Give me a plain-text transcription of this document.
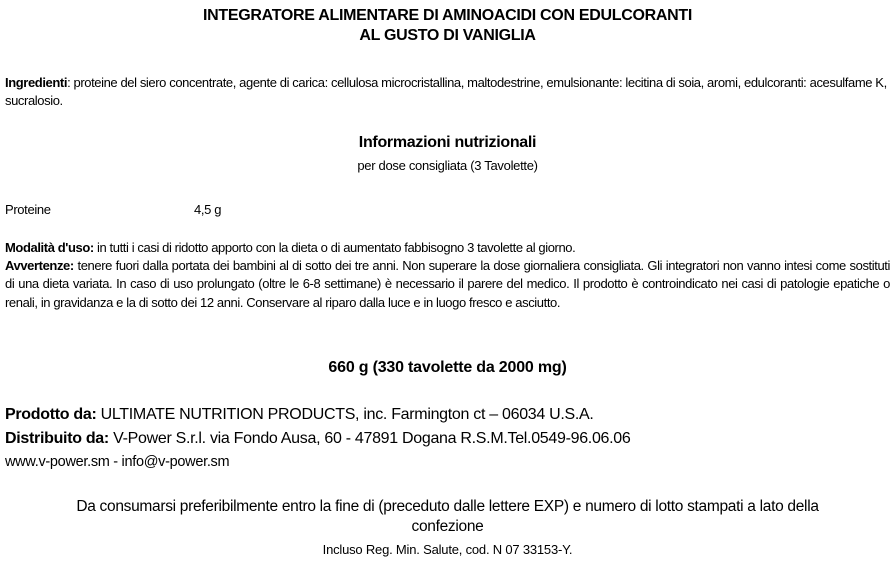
INTEGRATORE ALIMENTARE DI AMINOACIDI CON EDULCORANTI
AL GUSTO DI VANIGLIA
Ingredienti: proteine del siero concentrate, agente di carica: cellulosa microcristallina, maltodestrine, emulsionante: lecitina di soia, aromi, edulcoranti: acesulfame K, sucralosio.
Informazioni nutrizionali
per dose consigliata (3 Tavolette)
Proteine	4,5 g
Modalità d'uso: in tutti i casi di ridotto apporto con la dieta o di aumentato fabbisogno 3 tavolette al giorno.
Avvertenze: tenere fuori dalla portata dei bambini al di sotto dei tre anni. Non superare la dose giornaliera consigliata. Gli integratori non vanno intesi come sostituti di una dieta variata. In caso di uso prolungato (oltre le 6-8 settimane) è necessario il parere del medico. Il prodotto è controindicato nei casi di patologie epatiche o renali, in gravidanza e la di sotto dei 12 anni. Conservare al riparo dalla luce e in luogo fresco e asciutto.
660 g (330 tavolette da 2000 mg)
Prodotto da: ULTIMATE NUTRITION PRODUCTS, inc. Farmington ct – 06034 U.S.A.
Distribuito da: V-Power S.r.l. via Fondo Ausa, 60 - 47891 Dogana R.S.M.Tel.0549-96.06.06
www.v-power.sm - info@v-power.sm
Da consumarsi preferibilmente entro la fine di (preceduto dalle lettere EXP) e numero di lotto stampati a lato della
confezione
Incluso Reg. Min. Salute, cod. N 07 33153-Y.
